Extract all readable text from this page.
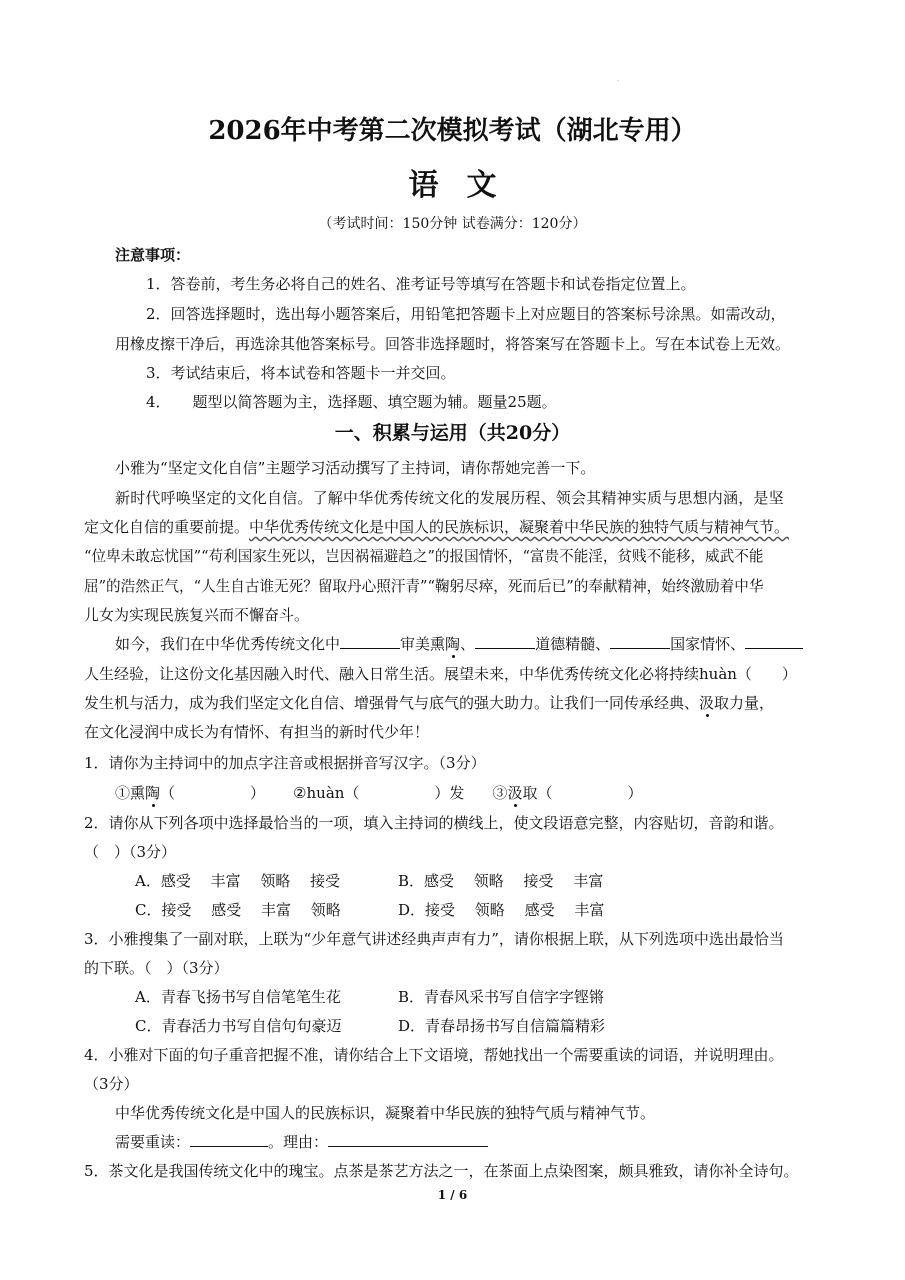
·
2026年中考第二次模拟考试（湖北专用）
语文
（考试时间：150分钟 试卷满分：120分）
注意事项：
1．答卷前，考生务必将自己的姓名、准考证号等填写在答题卡和试卷指定位置上。
2．回答选择题时，选出每小题答案后，用铅笔把答题卡上对应题目的答案标号涂黑。如需改动，
用橡皮擦干净后，再选涂其他答案标号。回答非选择题时，将答案写在答题卡上。写在本试卷上无效。
3．考试结束后，将本试卷和答题卡一并交回。
4． 题型以简答题为主，选择题、填空题为辅。题量25题。
一、积累与运用（共20分）
小雅为“坚定文化自信”主题学习活动撰写了主持词，请你帮她完善一下。
新时代呼唤坚定的文化自信。了解中华优秀传统文化的发展历程、领会其精神实质与思想内涵，是坚
定文化自信的重要前提。中华优秀传统文化是中国人的民族标识，凝聚着中华民族的独特气质与精神气节。
“位卑未敢忘忧国”“苟利国家生死以，岂因祸福避趋之”的报国情怀，“富贵不能淫，贫贱不能移，威武不能
屈”的浩然正气，“人生自古谁无死？留取丹心照汗青”“鞠躬尽瘁，死而后已”的奉献精神，始终激励着中华
儿女为实现民族复兴而不懈奋斗。
如今，我们在中华优秀传统文化中	审美熏陶、	道德精髓、	国家情怀、
人生经验，让这份文化基因融入时代、融入日常生活。展望未来，中华优秀传统文化必将持续huàn（　　）
发生机与活力，成为我们坚定文化自信、增强骨气与底气的强大助力。让我们一同传承经典、汲取力量，
在文化浸润中成长为有情怀、有担当的新时代少年！
1．请你为主持词中的加点字注音或根据拼音写汉字。（3分）
①熏陶（　　　　　） ②huàn（　　　　　）发 ③汲取（　　　　　）
2．请你从下列各项中选择最恰当的一项，填入主持词的横线上，使文段语意完整，内容贴切，音韵和谐。
（　）（3分）
A．感受　 丰富　 领略　 接受	B．感受　 领略　 接受　 丰富
C．接受　 感受　 丰富　 领略	D．接受　 领略　 感受　 丰富
3．小雅搜集了一副对联，上联为“少年意气讲述经典声声有力”，请你根据上联，从下列选项中选出最恰当
的下联。（　）（3分）
A．青春飞扬书写自信笔笔生花	B．青春风采书写自信字字铿锵
C．青春活力书写自信句句豪迈	D．青春昂扬书写自信篇篇精彩
4．小雅对下面的句子重音把握不准，请你结合上下文语境，帮她找出一个需要重读的词语，并说明理由。
（3分）
中华优秀传统文化是中国人的民族标识，凝聚着中华民族的独特气质与精神气节。
需要重读：	。理由：
5．茶文化是我国传统文化中的瑰宝。点茶是茶艺方法之一，在茶面上点染图案，颇具雅致，请你补全诗句。
1 / 6
